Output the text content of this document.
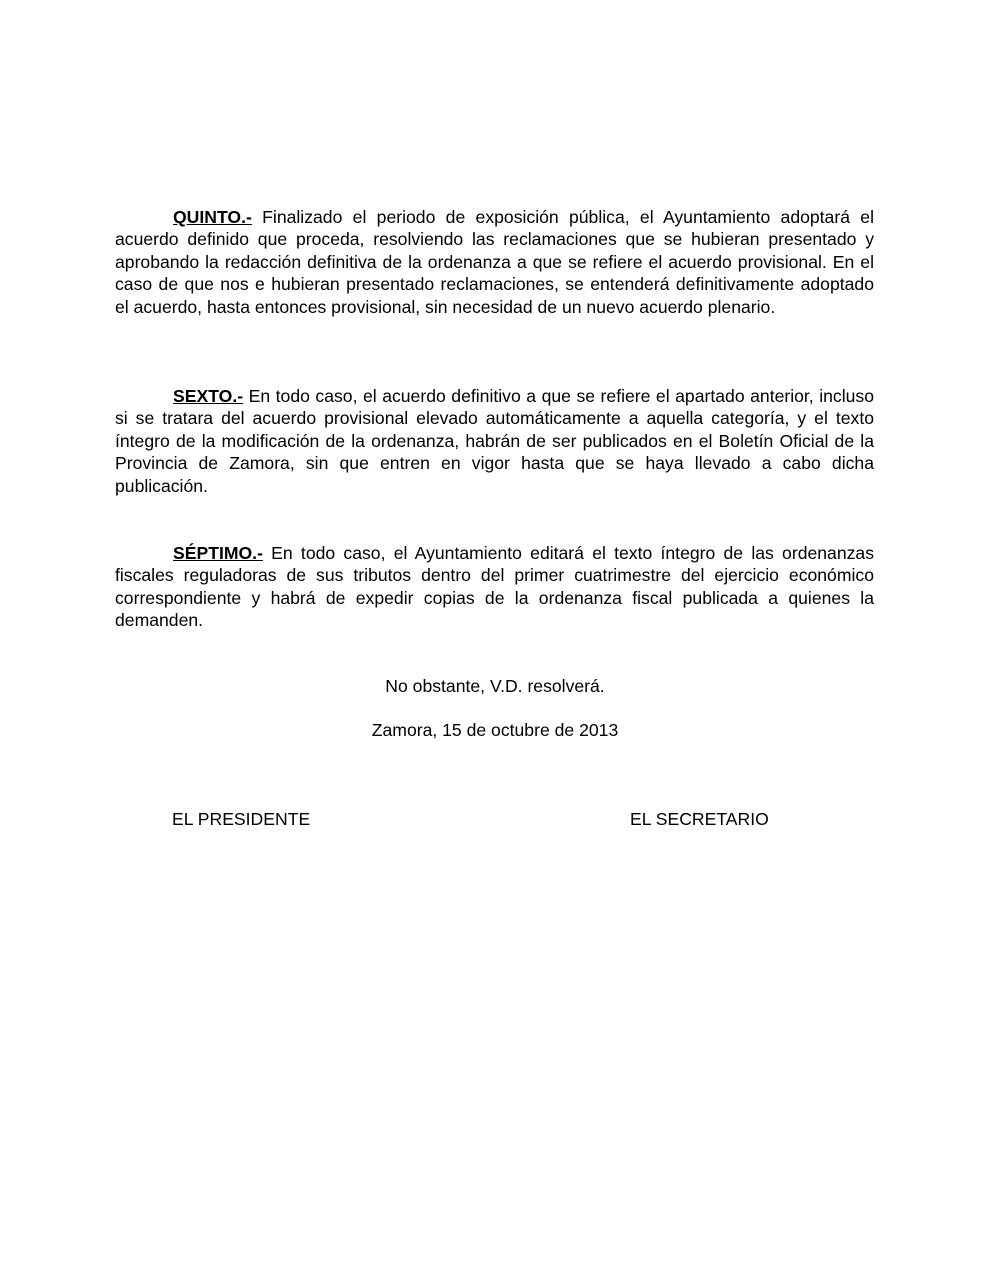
QUINTO.- Finalizado el periodo de exposición pública, el Ayuntamiento adoptará el acuerdo definido que proceda, resolviendo las reclamaciones que se hubieran presentado y aprobando la redacción definitiva de la ordenanza a que se refiere el acuerdo provisional. En el caso de que nos e hubieran presentado reclamaciones, se entenderá definitivamente adoptado el acuerdo, hasta entonces provisional, sin necesidad de un nuevo acuerdo plenario.

SEXTO.- En todo caso, el acuerdo definitivo a que se refiere el apartado anterior, incluso si se tratara del acuerdo provisional elevado automáticamente a aquella categoría, y el texto íntegro de la modificación de la ordenanza, habrán de ser publicados en el Boletín Oficial de la Provincia de Zamora, sin que entren en vigor hasta que se haya llevado a cabo dicha publicación.

SÉPTIMO.- En todo caso, el Ayuntamiento editará el texto íntegro de las ordenanzas fiscales reguladoras de sus tributos dentro del primer cuatrimestre del ejercicio económico correspondiente y habrá de expedir copias de la ordenanza fiscal publicada a quienes la demanden.

No obstante, V.D. resolverá.

Zamora, 15 de octubre de 2013

EL PRESIDENTE	EL SECRETARIO
